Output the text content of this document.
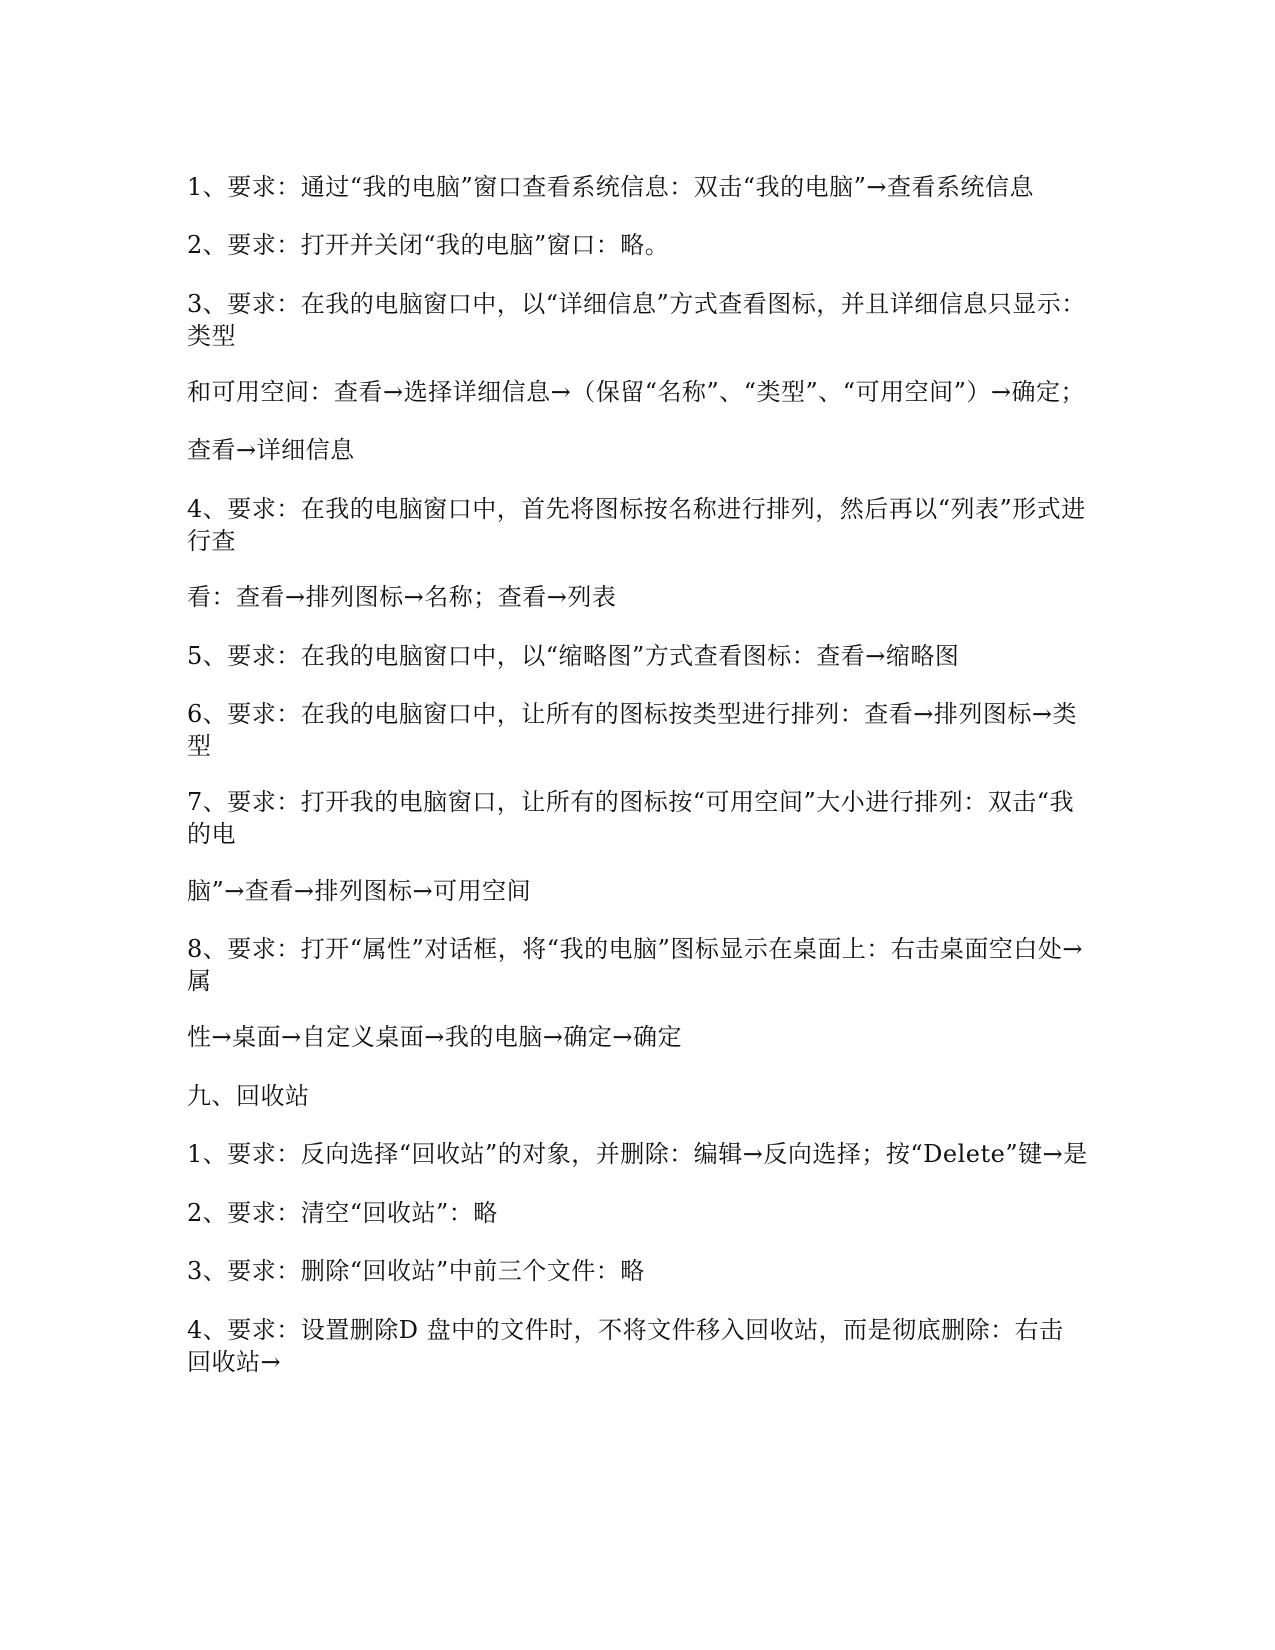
1、要求：通过“我的电脑”窗口查看系统信息：双击“我的电脑”→查看系统信息
2、要求：打开并关闭“我的电脑”窗口：略。
3、要求：在我的电脑窗口中，以“详细信息”方式查看图标，并且详细信息只显示：
类型
和可用空间：查看→选择详细信息→（保留“名称”、“类型”、“可用空间”）→确定；
查看→详细信息
4、要求：在我的电脑窗口中，首先将图标按名称进行排列，然后再以“列表”形式进
行查
看：查看→排列图标→名称；查看→列表
5、要求：在我的电脑窗口中，以“缩略图”方式查看图标：查看→缩略图
6、要求：在我的电脑窗口中，让所有的图标按类型进行排列：查看→排列图标→类
型
7、要求：打开我的电脑窗口，让所有的图标按“可用空间”大小进行排列：双击“我
的电
脑”→查看→排列图标→可用空间
8、要求：打开“属性”对话框，将“我的电脑”图标显示在桌面上：右击桌面空白处→
属
性→桌面→自定义桌面→我的电脑→确定→确定
九、回收站
1、要求：反向选择“回收站”的对象，并删除：编辑→反向选择；按“Delete”键→是
2、要求：清空“回收站”：略
3、要求：删除“回收站”中前三个文件：略
4、要求：设置删除D 盘中的文件时，不将文件移入回收站，而是彻底删除：右击
回收站→
